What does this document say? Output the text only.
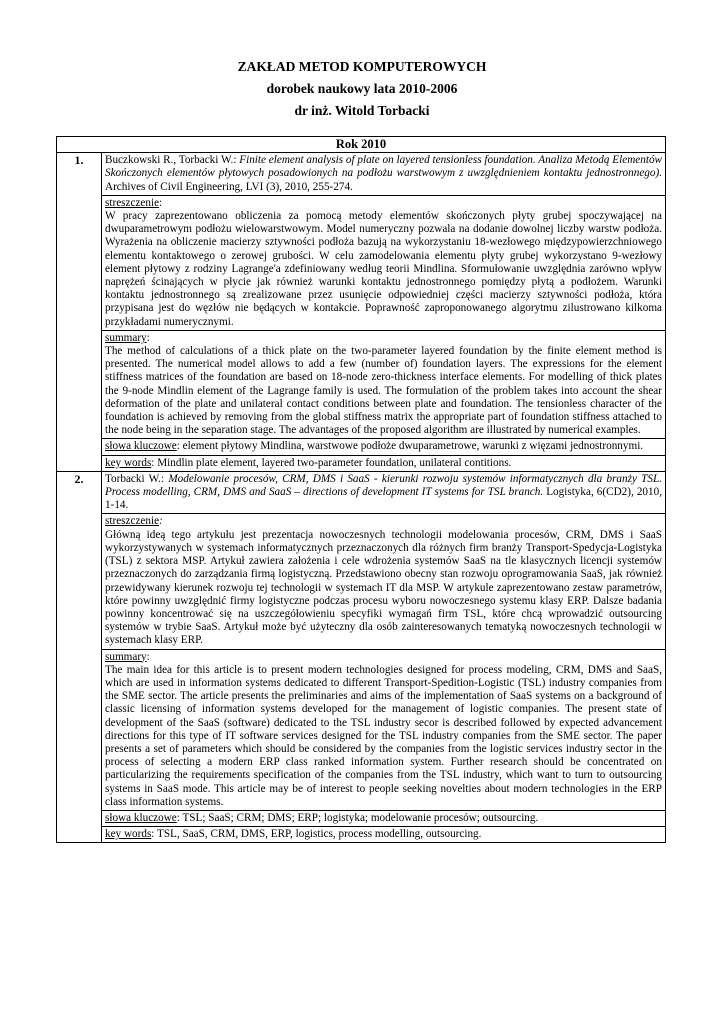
ZAKŁAD METOD KOMPUTEROWYCH
dorobek naukowy lata 2010-2006
dr inż. Witold Torbacki
Rok 2010	
1.	Buczkowski R., Torbacki W.: Finite element analysis of plate on layered tensionless foundation. Analiza Metodą Elementów Skończonych elementów płytowych posadowionych na podłożu warstwowym z uwzględnieniem kontaktu jednostronnego). Archives of Civil Engineering, LVI (3), 2010, 255-274.
	streszczenie:
W pracy zaprezentowano obliczenia za pomocą metody elementów skończonych płyty grubej spoczywającej na dwuparametrowym podłożu wielowarstwowym. Model numeryczny pozwala na dodanie dowolnej liczby warstw podłoża. Wyrażenia na obliczenie macierzy sztywności podłoża bazują na wykorzystaniu 18-wezłowego międzypowierzchniowego elementu kontaktowego o zerowej grubości. W celu zamodelowania elementu płyty grubej wykorzystano 9-wezłowy element płytowy z rodziny Lagrange'a zdefiniowany według teorii Mindlina. Sformułowanie uwzględnia zarówno wpływ naprężeń ścinających w płycie jak również warunki kontaktu jednostronnego pomiędzy płytą a podłożem. Warunki kontaktu jednostronnego są zrealizowane przez usunięcie odpowiedniej części macierzy sztywności podłoża, która przypisana jest do węzłów nie będących w kontakcie. Poprawność zaproponowanego algorytmu zilustrowano kilkoma przykładami numerycznymi.

	summary:
The method of calculations of a thick plate on the two-parameter layered foundation by the finite element method is presented. The numerical model allows to add a few (number of) foundation layers. The expressions for the element stiffness matrices of the foundation are based on 18-node zero-thickness interface elements. For modelling of thick plates the 9-node Mindlin element of the Lagrange family is used. The formulation of the problem takes into account the shear deformation of the plate and unilateral contact conditions between plate and foundation. The tensionless character of the foundation is achieved by removing from the global stiffness matrix the appropriate part of foundation stiffness attached to the node being in the separation stage. The advantages of the proposed algorithm are illustrated by numerical examples.

	słowa kluczowe: element płytowy Mindlina, warstwowe podłoże dwuparametrowe, warunki z więzami jednostronnymi.
	key words: Mindlin plate element, layered two-parameter foundation, unilateral contitions.
2.	Torbacki W.: Modelowanie procesów, CRM, DMS i SaaS - kierunki rozwoju systemów informatycznych dla branży TSL. Process modelling, CRM, DMS and SaaS – directions of development IT systems for TSL branch. Logistyka, 6(CD2), 2010, 1-14.
	streszczenie:
Główną ideą tego artykułu jest prezentacja nowoczesnych technologii modelowania procesów, CRM, DMS i SaaS wykorzystywanych w systemach informatycznych przeznaczonych dla różnych firm branży Transport-Spedycja-Logistyka (TSL) z sektora MSP. Artykuł zawiera założenia i cele wdrożenia systemów SaaS na tle klasycznych licencji systemów przeznaczonych do zarządzania firmą logistyczną. Przedstawiono obecny stan rozwoju oprogramowania SaaS, jak również przewidywany kierunek rozwoju tej technologii w systemach IT dla MSP. W artykule zaprezentowano zestaw parametrów, które powinny uwzględnić firmy logistyczne podczas procesu wyboru nowoczesnego systemu klasy ERP. Dalsze badania powinny koncentrować się na uszczegółowieniu specyfiki wymagań firm TSL, które chcą wprowadzić outsourcing systemów w trybie SaaS. Artykuł może być użyteczny dla osób zainteresowanych tematyką nowoczesnych technologii w systemach klasy ERP.

	summary:
The main idea for this article is to present modern technologies designed for process modeling, CRM, DMS and SaaS, which are used in information systems dedicated to different Transport-Spedition-Logistic (TSL) industry companies from the SME sector. The article presents the preliminaries and aims of the implementation of SaaS systems on a background of classic licensing of information systems developed for the management of logistic companies. The present state of development of the SaaS (software) dedicated to the TSL industry secor is described followed by expected advancement directions for this type of IT software services designed for the TSL industry companies from the SME sector. The paper presents a set of parameters which should be considered by the companies from the logistic services industry sector in the process of selecting a modern ERP class ranked information system. Further research should be concentrated on particularizing the requirements specification of the companies from the TSL industry, which want to turn to outsourcing systems in SaaS mode. This article may be of interest to people seeking novelties about modern technologies in the ERP class information systems.

	słowa kluczowe: TSL; SaaS; CRM; DMS; ERP; logistyka; modelowanie procesów; outsourcing.
	key words: TSL, SaaS, CRM, DMS, ERP, logistics, process modelling, outsourcing.
